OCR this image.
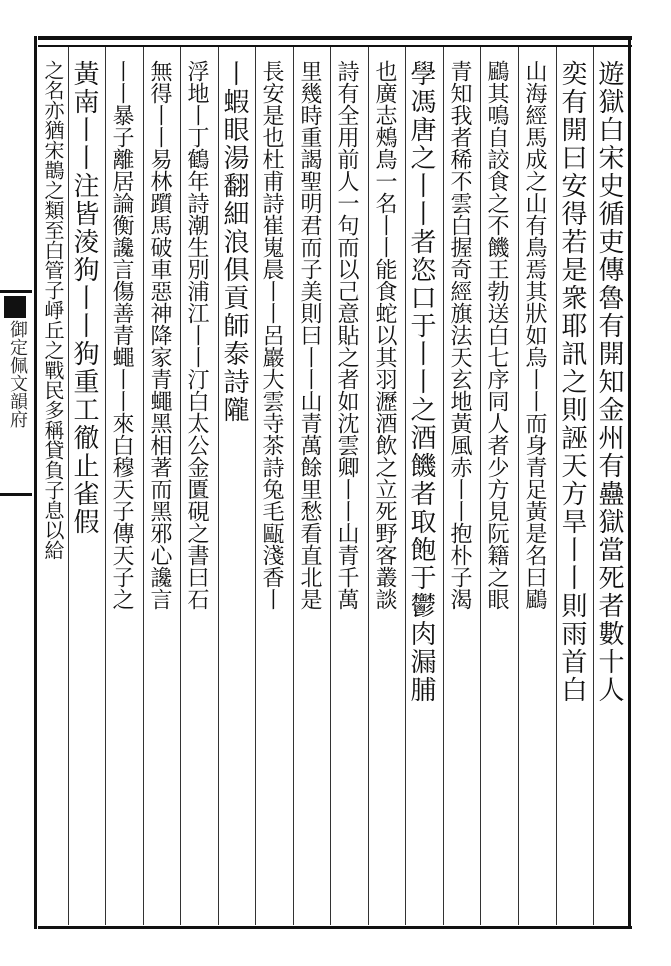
遊獄白宋史循吏傳魯有開知金州有蠱獄當死者數十人
奕有開曰安得若是衆耶訊之則誣天方旱丨丨則雨首白
山海經馬成之山有鳥焉其狀如烏丨丨而身青足黃是名曰鶌
鶌其鳴自詨食之不饑王勃送白七序同人者少方見阮籍之眼
青知我者稀不雲白握奇經旗法天玄地黃風赤丨丨抱朴子渴
學馮唐之丨丨者恣口于丨丨之酒饑者取飽于鬱肉漏脯
也廣志鵊鳥一名丨丨能食蛇以其羽瀝酒飲之立死野客叢談
詩有全用前人一句而以己意貼之者如沈雲卿丨丨山青千萬
里幾時重謁聖明君而子美則曰丨丨山青萬餘里愁看直北是
長安是也杜甫詩崔嵬晨丨丨呂巖大雲寺茶詩兔毛甌淺香丨
丨蝦眼湯翻細浪俱貢師泰詩隴
浮地丨丁鶴年詩潮生別浦江丨丨汀白太公金匱硯之書曰石
無得丨丨易林躓馬破車惡神降家青蠅黑相著而黑邪心讒言
丨丨暴子離居論衡讒言傷善青蠅丨丨來白穆天子傳天子之
黃南丨丨注皆淩狗丨丨狗重工徹止雀假
之名亦猶宋鵲之類至白管子崢丘之戰民多稱貸負子息以給
御定佩文韻府
